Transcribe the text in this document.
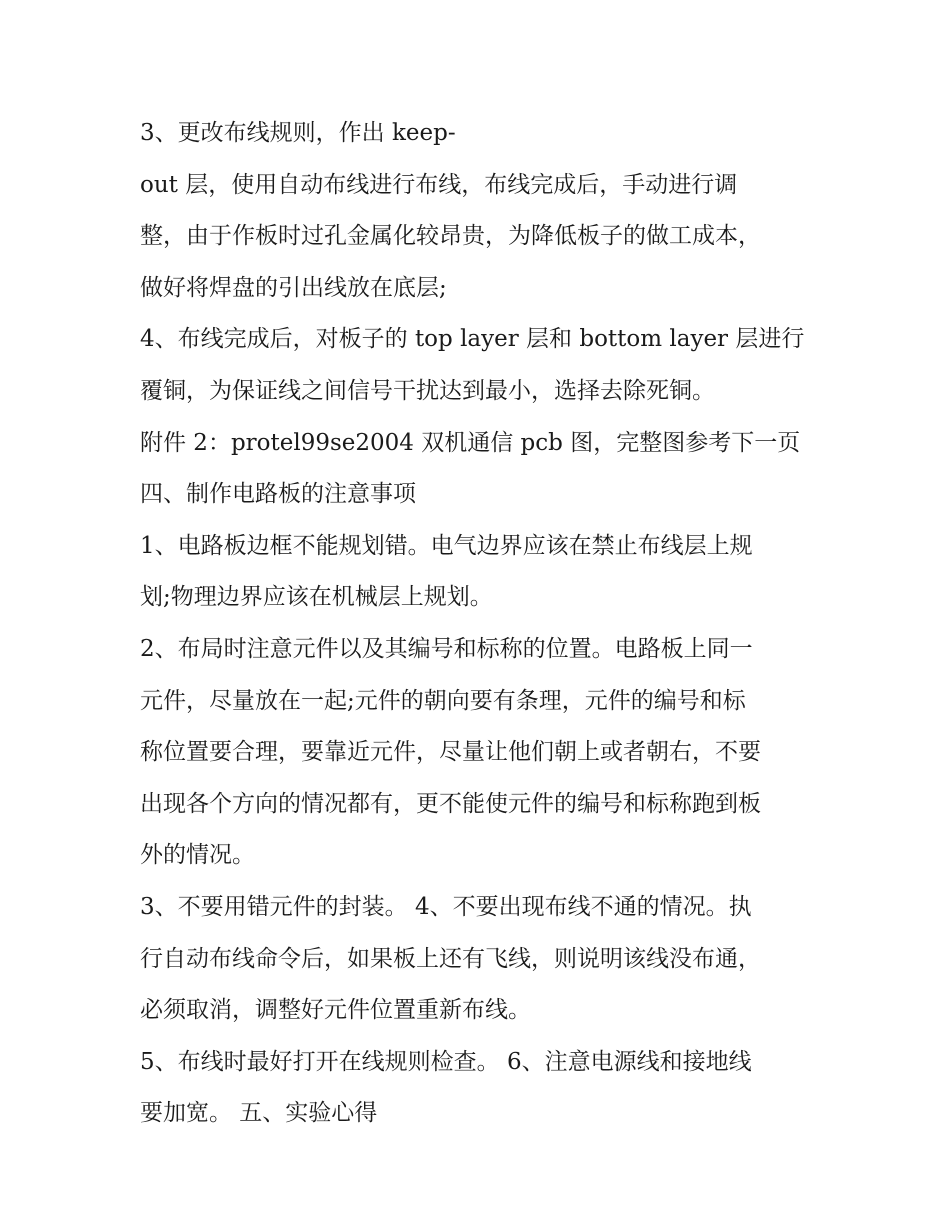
3、更改布线规则，作出 keep-
out 层，使用自动布线进行布线，布线完成后，手动进行调
整，由于作板时过孔金属化较昂贵，为降低板子的做工成本，
做好将焊盘的引出线放在底层;
4、布线完成后，对板子的 top layer 层和 bottom layer 层进行
覆铜，为保证线之间信号干扰达到最小，选择去除死铜。
附件 2：protel99se2004 双机通信 pcb 图，完整图参考下一页
四、制作电路板的注意事项
1、电路板边框不能规划错。电气边界应该在禁止布线层上规
划;物理边界应该在机械层上规划。
2、布局时注意元件以及其编号和标称的位置。电路板上同一
元件，尽量放在一起;元件的朝向要有条理，元件的编号和标
称位置要合理，要靠近元件，尽量让他们朝上或者朝右，不要
出现各个方向的情况都有，更不能使元件的编号和标称跑到板
外的情况。
3、不要用错元件的封装。 4、不要出现布线不通的情况。执
行自动布线命令后，如果板上还有飞线，则说明该线没布通，
必须取消，调整好元件位置重新布线。
5、布线时最好打开在线规则检查。 6、注意电源线和接地线
要加宽。 五、实验心得
